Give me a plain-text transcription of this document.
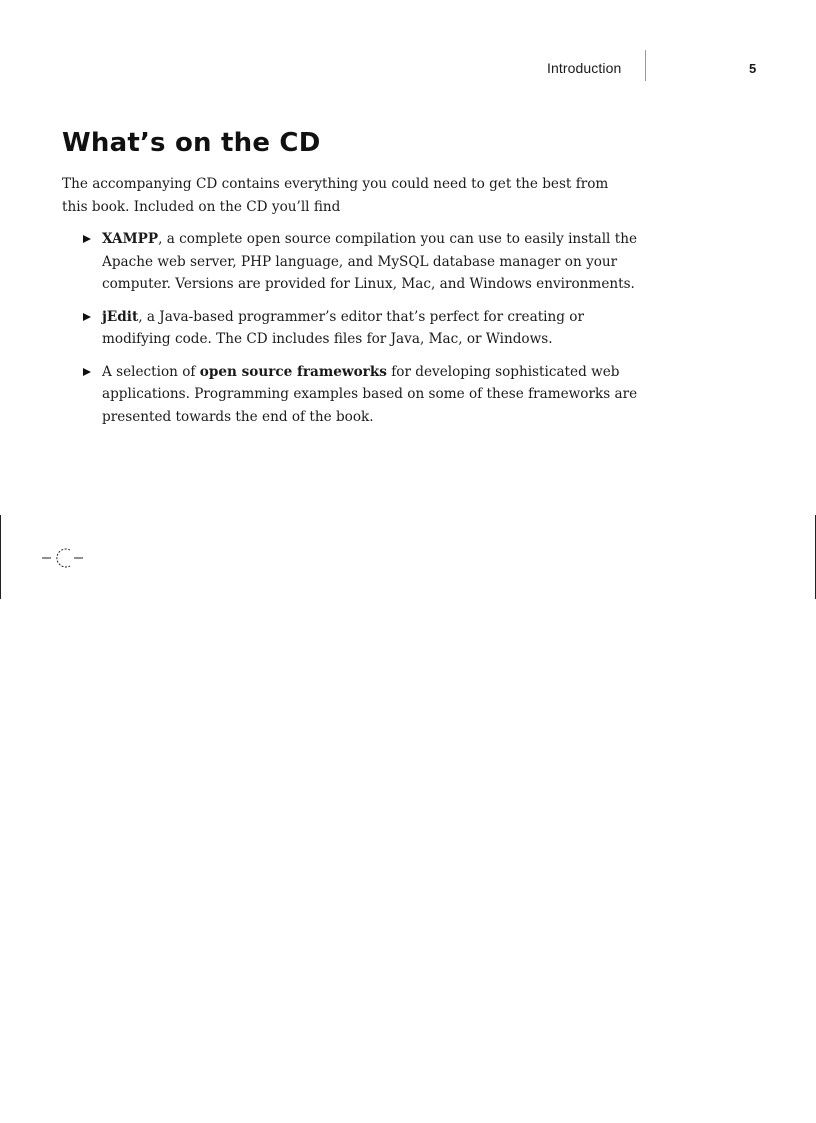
Introduction	5
What’s on the CD

The accompanying CD contains everything you could need to get the best from this book. Included on the CD you’ll find

XAMPP, a complete open source compilation you can use to easily install the Apache web server, PHP language, and MySQL database manager on your computer. Versions are provided for Linux, Mac, and Windows environments.
jEdit, a Java-based programmer’s editor that’s perfect for creating or modifying code. The CD includes files for Java, Mac, or Windows.
A selection of open source frameworks for developing sophisticated web applications. Programming examples based on some of these frameworks are presented towards the end of the book.
